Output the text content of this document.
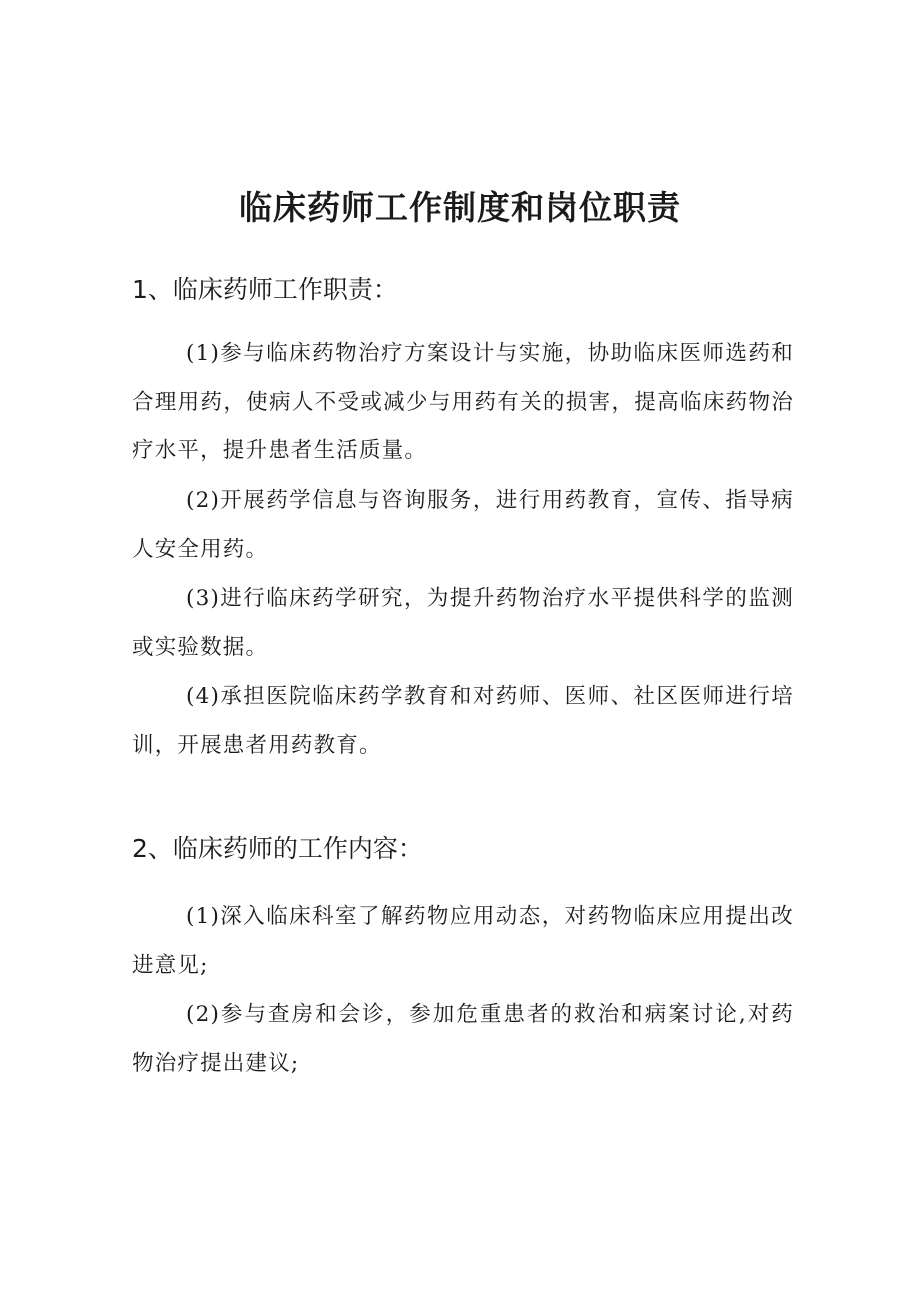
临床药师工作制度和岗位职责
1、临床药师工作职责：

(1)参与临床药物治疗方案设计与实施，协助临床医师选药和合理用药，使病人不受或减少与用药有关的损害，提高临床药物治疗水平，提升患者生活质量。

(2)开展药学信息与咨询服务，进行用药教育，宣传、指导病人安全用药。

(3)进行临床药学研究，为提升药物治疗水平提供科学的监测或实验数据。

(4)承担医院临床药学教育和对药师、医师、社区医师进行培训，开展患者用药教育。

2、临床药师的工作内容：

(1)深入临床科室了解药物应用动态，对药物临床应用提出改进意见;

(2)参与查房和会诊，参加危重患者的救治和病案讨论,对药物治疗提出建议;
